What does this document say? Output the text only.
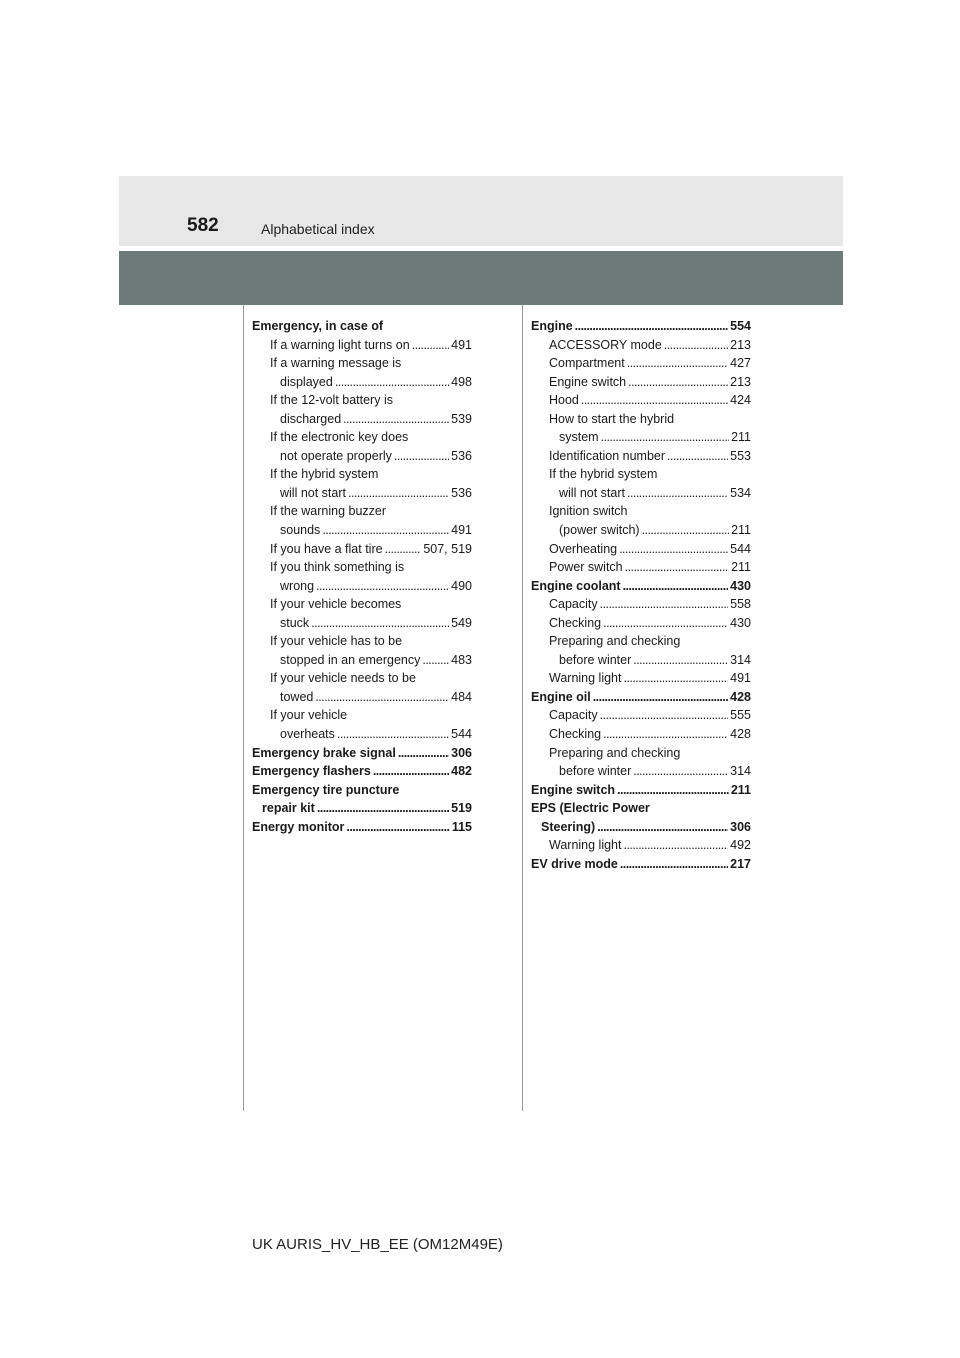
582	Alphabetical index
Emergency, in case of
If a warning light turns on . . .	491
If a warning message is
displayed . . .	498
If the 12-volt battery is
discharged . . .	539
If the electronic key does
not operate properly . . .	536
If the hybrid system
will not start . . .	536
If the warning buzzer
sounds . . .	491
If you have a flat tire . . .	507, 519
If you think something is
wrong . . .	490
If your vehicle becomes
stuck . . .	549
If your vehicle has to be
stopped in an emergency . . . 483
If your vehicle needs to be
towed . . .	484
If your vehicle
overheats . . .	544
Emergency brake signal . . .	306
Emergency flashers . . .	482
Emergency tire puncture
repair kit . . .	519
Energy monitor . . .	115
Engine . . .	554
ACCESSORY mode . . .	213
Compartment . . .	427
Engine switch . . .	213
Hood . . .	424
How to start the hybrid
system . . .	211
Identification number . . .	553
If the hybrid system
will not start . . .	534
Ignition switch
(power switch) . . .	211
Overheating . . .	544
Power switch . . .	211
Engine coolant . . .	430
Capacity . . .	558
Checking . . .	430
Preparing and checking
before winter . . .	314
Warning light . . .	491
Engine oil . . .	428
Capacity . . .	555
Checking . . .	428
Preparing and checking
before winter . . .	314
Engine switch . . .	211
EPS (Electric Power
Steering) . . .	306
Warning light . . .	492
EV drive mode . . .	217
UK AURIS_HV_HB_EE (OM12M49E)
